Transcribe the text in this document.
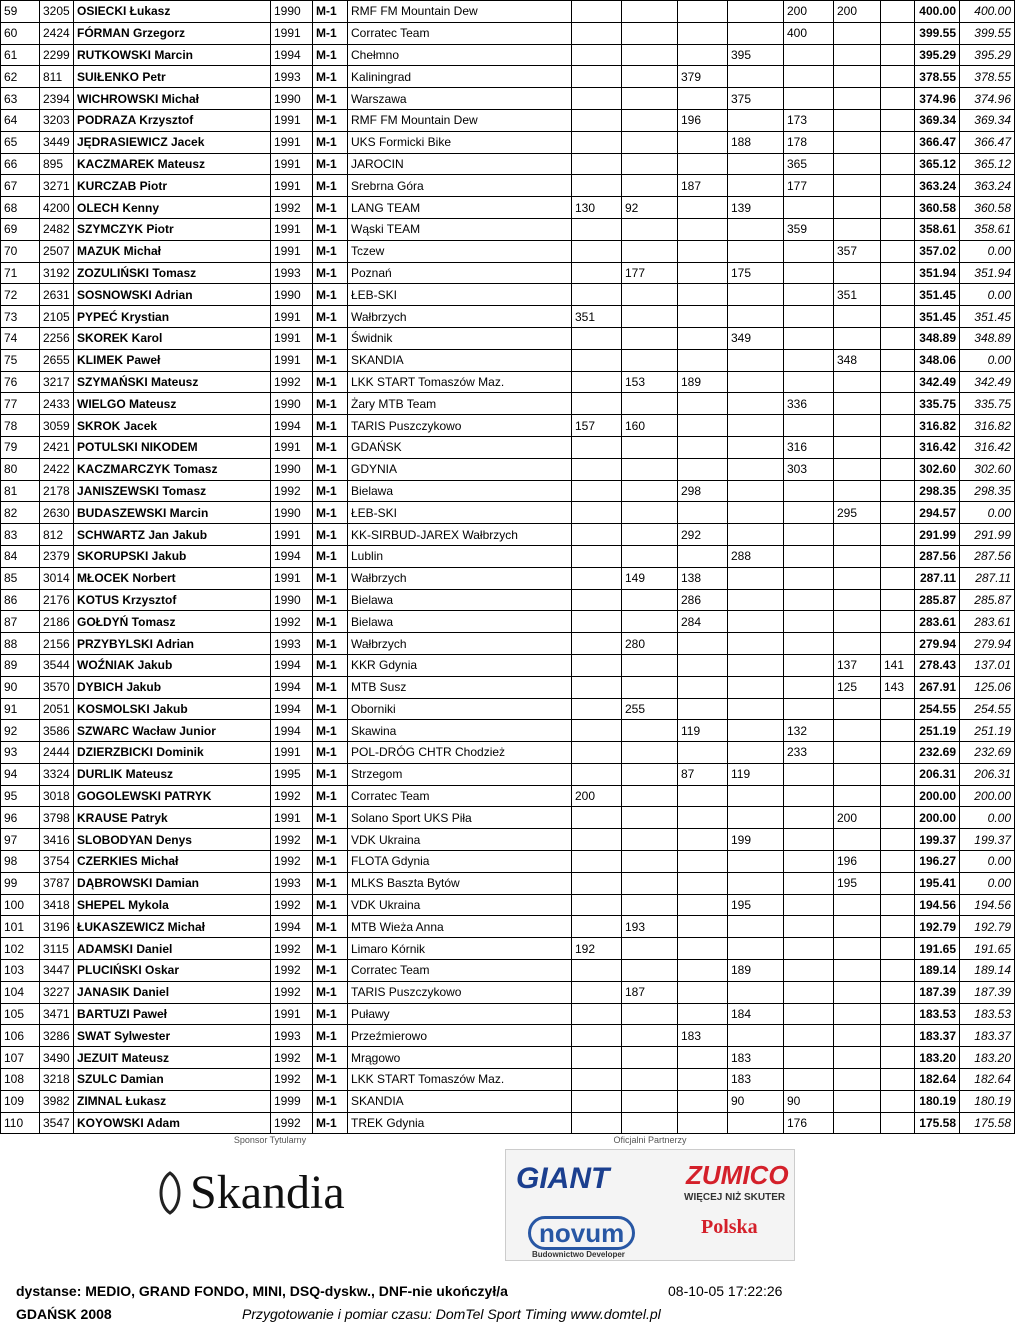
59	3205	OSIECKI Łukasz	1990	M-1	RMF FM Mountain Dew					200	200		400.00	400.00
60	2424	FÓRMAN Grzegorz	1991	M-1	Corratec Team					400			399.55	399.55
61	2299	RUTKOWSKI Marcin	1994	M-1	Chełmno				395				395.29	395.29
62	811	SUIŁENKO Petr	1993	M-1	Kaliningrad			379					378.55	378.55
63	2394	WICHROWSKI Michał	1990	M-1	Warszawa				375				374.96	374.96
64	3203	PODRAZA Krzysztof	1991	M-1	RMF FM Mountain Dew			196		173			369.34	369.34
65	3449	JĘDRASIEWICZ Jacek	1991	M-1	UKS Formicki Bike				188	178			366.47	366.47
66	895	KACZMAREK Mateusz	1991	M-1	JAROCIN					365			365.12	365.12
67	3271	KURCZAB Piotr	1991	M-1	Srebrna Góra			187		177			363.24	363.24
68	4200	OLECH Kenny	1992	M-1	LANG TEAM	130	92		139				360.58	360.58
69	2482	SZYMCZYK Piotr	1991	M-1	Wąski TEAM					359			358.61	358.61
70	2507	MAZUK Michał	1991	M-1	Tczew						357		357.02	0.00
71	3192	ZOZULIŃSKI Tomasz	1993	M-1	Poznań		177		175				351.94	351.94
72	2631	SOSNOWSKI Adrian	1990	M-1	ŁEB-SKI						351		351.45	0.00
73	2105	PYPEĆ Krystian	1991	M-1	Wałbrzych	351							351.45	351.45
74	2256	SKOREK Karol	1991	M-1	Świdnik				349				348.89	348.89
75	2655	KLIMEK Paweł	1991	M-1	SKANDIA						348		348.06	0.00
76	3217	SZYMAŃSKI Mateusz	1992	M-1	LKK START Tomaszów Maz.		153	189					342.49	342.49
77	2433	WIELGO Mateusz	1990	M-1	Żary MTB Team					336			335.75	335.75
78	3059	SKROK Jacek	1994	M-1	TARIS Puszczykowo	157	160						316.82	316.82
79	2421	POTULSKI NIKODEM	1991	M-1	GDAŃSK					316			316.42	316.42
80	2422	KACZMARCZYK Tomasz	1990	M-1	GDYNIA					303			302.60	302.60
81	2178	JANISZEWSKI Tomasz	1992	M-1	Bielawa			298					298.35	298.35
82	2630	BUDASZEWSKI Marcin	1990	M-1	ŁEB-SKI						295		294.57	0.00
83	812	SCHWARTZ Jan Jakub	1991	M-1	KK-SIRBUD-JAREX Wałbrzych			292					291.99	291.99
84	2379	SKORUPSKI Jakub	1994	M-1	Lublin				288				287.56	287.56
85	3014	MŁOCEK Norbert	1991	M-1	Wałbrzych		149	138					287.11	287.11
86	2176	KOTUS Krzysztof	1990	M-1	Bielawa			286					285.87	285.87
87	2186	GOŁDYŃ Tomasz	1992	M-1	Bielawa			284					283.61	283.61
88	2156	PRZYBYLSKI Adrian	1993	M-1	Wałbrzych		280						279.94	279.94
89	3544	WOŹNIAK Jakub	1994	M-1	KKR Gdynia						137	141	278.43	137.01
90	3570	DYBICH Jakub	1994	M-1	MTB Susz						125	143	267.91	125.06
91	2051	KOSMOLSKI Jakub	1994	M-1	Oborniki		255						254.55	254.55
92	3586	SZWARC Wacław Junior	1994	M-1	Skawina			119		132			251.19	251.19
93	2444	DZIERZBICKI Dominik	1991	M-1	POL-DRÓG CHTR Chodzież					233			232.69	232.69
94	3324	DURLIK Mateusz	1995	M-1	Strzegom			87	119				206.31	206.31
95	3018	GOGOLEWSKI PATRYK	1992	M-1	Corratec Team	200							200.00	200.00
96	3798	KRAUSE Patryk	1991	M-1	Solano Sport UKS Piła						200		200.00	0.00
97	3416	SLOBODYAN Denys	1992	M-1	VDK Ukraina				199				199.37	199.37
98	3754	CZERKIES Michał	1992	M-1	FLOTA Gdynia						196		196.27	0.00
99	3787	DĄBROWSKI Damian	1993	M-1	MLKS Baszta Bytów						195		195.41	0.00
100	3418	SHEPEL Mykola	1992	M-1	VDK Ukraina				195				194.56	194.56
101	3196	ŁUKASZEWICZ Michał	1994	M-1	MTB Wieża Anna		193						192.79	192.79
102	3115	ADAMSKI Daniel	1992	M-1	Limaro Kórnik	192							191.65	191.65
103	3447	PLUCIŃSKI Oskar	1992	M-1	Corratec Team				189				189.14	189.14
104	3227	JANASIK Daniel	1992	M-1	TARIS Puszczykowo		187						187.39	187.39
105	3471	BARTUZI Paweł	1991	M-1	Puławy				184				183.53	183.53
106	3286	SWAT Sylwester	1993	M-1	Przeźmierowo			183					183.37	183.37
107	3490	JEZUIT Mateusz	1992	M-1	Mrągowo				183				183.20	183.20
108	3218	SZULC Damian	1992	M-1	LKK START Tomaszów Maz.				183				182.64	182.64
109	3982	ZIMNAL Łukasz	1999	M-1	SKANDIA				90	90			180.19	180.19
110	3547	KOYOWSKI Adam	1992	M-1	TREK Gdynia					176			175.58	175.58
Sponsor Tytularny
Skandia
Oficjalni Partnerzy
GIANT	ZUMICO
WIĘCEJ NIŻ SKUTER
novum
Budownictwo Developer
Polska
dystanse: MEDIO, GRAND FONDO, MINI, DSQ-dyskw., DNF-nie ukończył/a
GDAŃSK 2008
08-10-05 17:22:26
Przygotowanie i pomiar czasu: DomTel Sport Timing www.domtel.pl
